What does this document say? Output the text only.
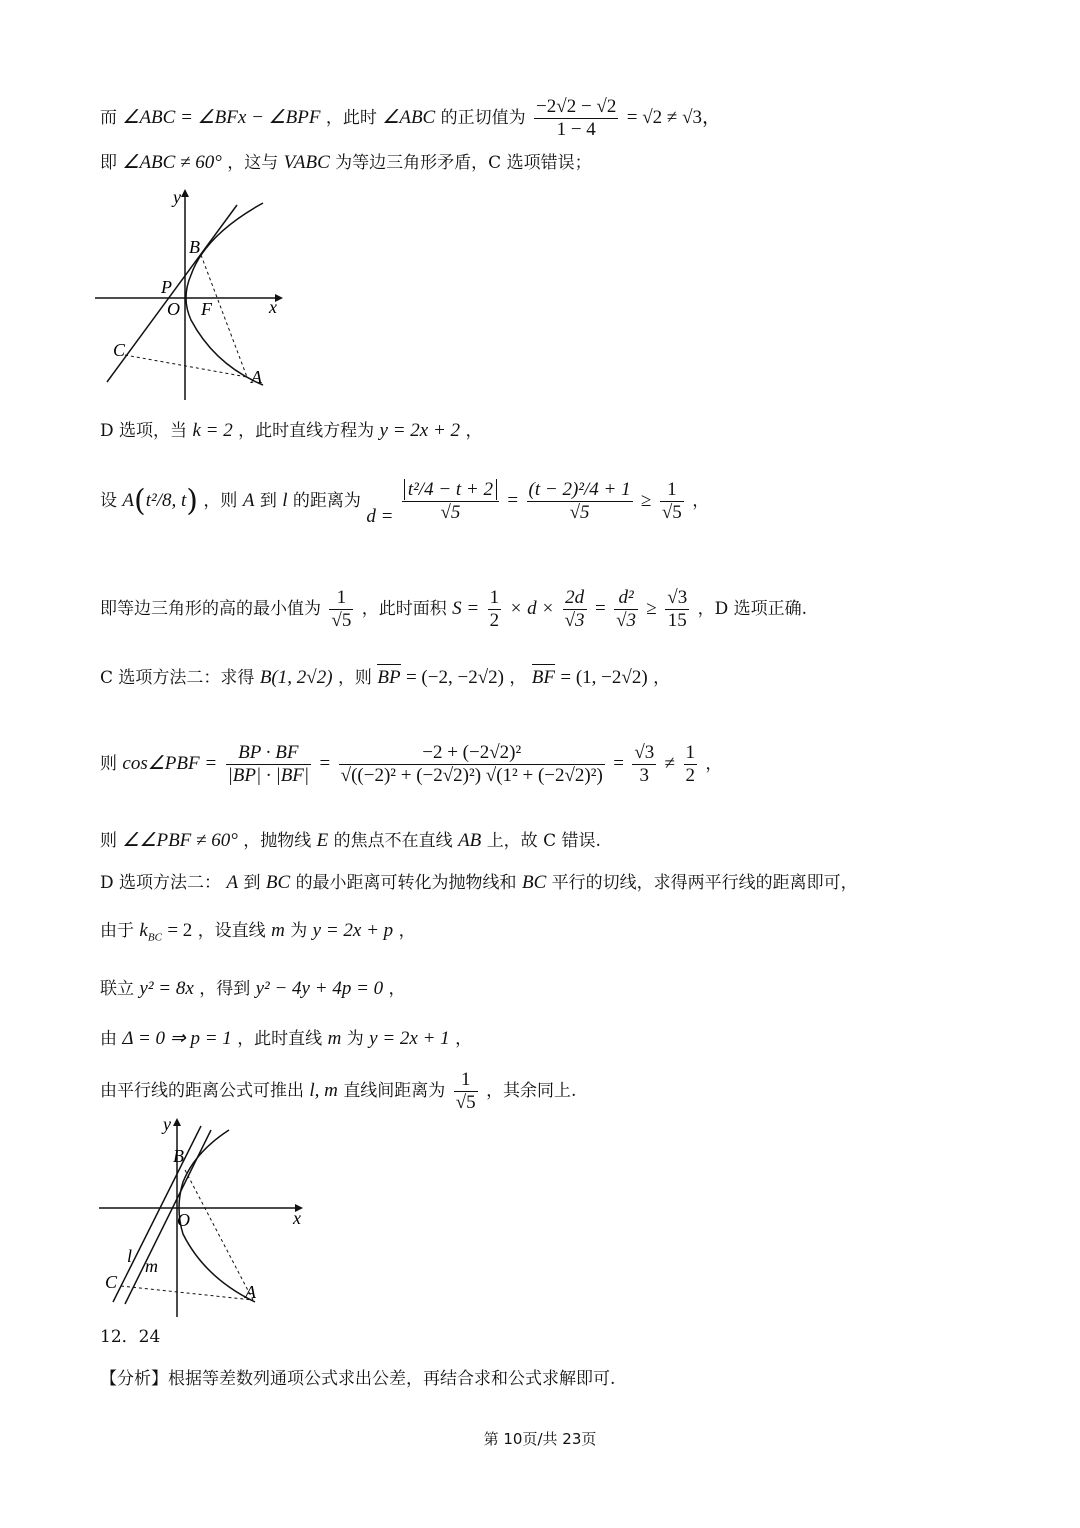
而 ∠ABC = ∠BFx − ∠BPF ，此时 ∠ABC 的正切值为 $\frac{-2√2 - √2}{1 - 4} = √2 \ne √3$，
即 ∠ABC ≠ 60° ，这与 VABC 为等边三角形矛盾，C 选项错误；
y
x
B
P
O F
C
A
D 选项，当 k = 2 ，此时直线方程为 y = 2x + 2 ，
设 A(t²/8, t) ，则 A 到 l 的距离为 $d = \frac{\text{t²/4 − t + 2}}{√5} = \frac{\text{(t − 2)²/4 + 1}}{√5} \ge \frac{1}{√5}$ ，
即等边三角形的高的最小值为 $\frac{1}{√5}$ ，此时面积 $S = \frac{1}{2} \times d \times \frac{2d}{√3} = \frac{\text{d²}}{√3} \ge \frac{√3}{15}$ ，D 选项正确.
C 选项方法二：求得 B(1, 2√2) ，则 BP = (−2, −2√2) ， BF = (1, −2√2) ，
则 cos∠PBF = $\frac{BP \cdot BF}{|BP| \cdot |BF|} = \frac{\text{−2 + (−2√2)²}}{\text{√((−2)² + (−2√2)²) √(1² + (−2√2)²)}} = \frac{√3}{3} \ne \frac{1}{2}$ ，
则 ∠∠PBF ≠ 60° ，抛物线 E 的焦点不在直线 AB 上，故 C 错误.
D 选项方法二： A 到 BC 的最小距离可转化为抛物线和 BC 平行的切线，求得两平行线的距离即可，
由于 $k_{BC} = 2$ ，设直线 m 为 y = 2x + p ，
联立 y² = 8x ，得到 y² − 4y + 4p = 0 ，
由 Δ = 0 ⇒ p = 1 ，此时直线 m 为 y = 2x + 1 ，
由平行线的距离公式可推出 l, m 直线间距离为 $\frac{1}{√5}$ ，其余同上.
y
x
B
O
l m
C	A
12．24
【分析】根据等差数列通项公式求出公差，再结合求和公式求解即可.
第 10页/共 23页
